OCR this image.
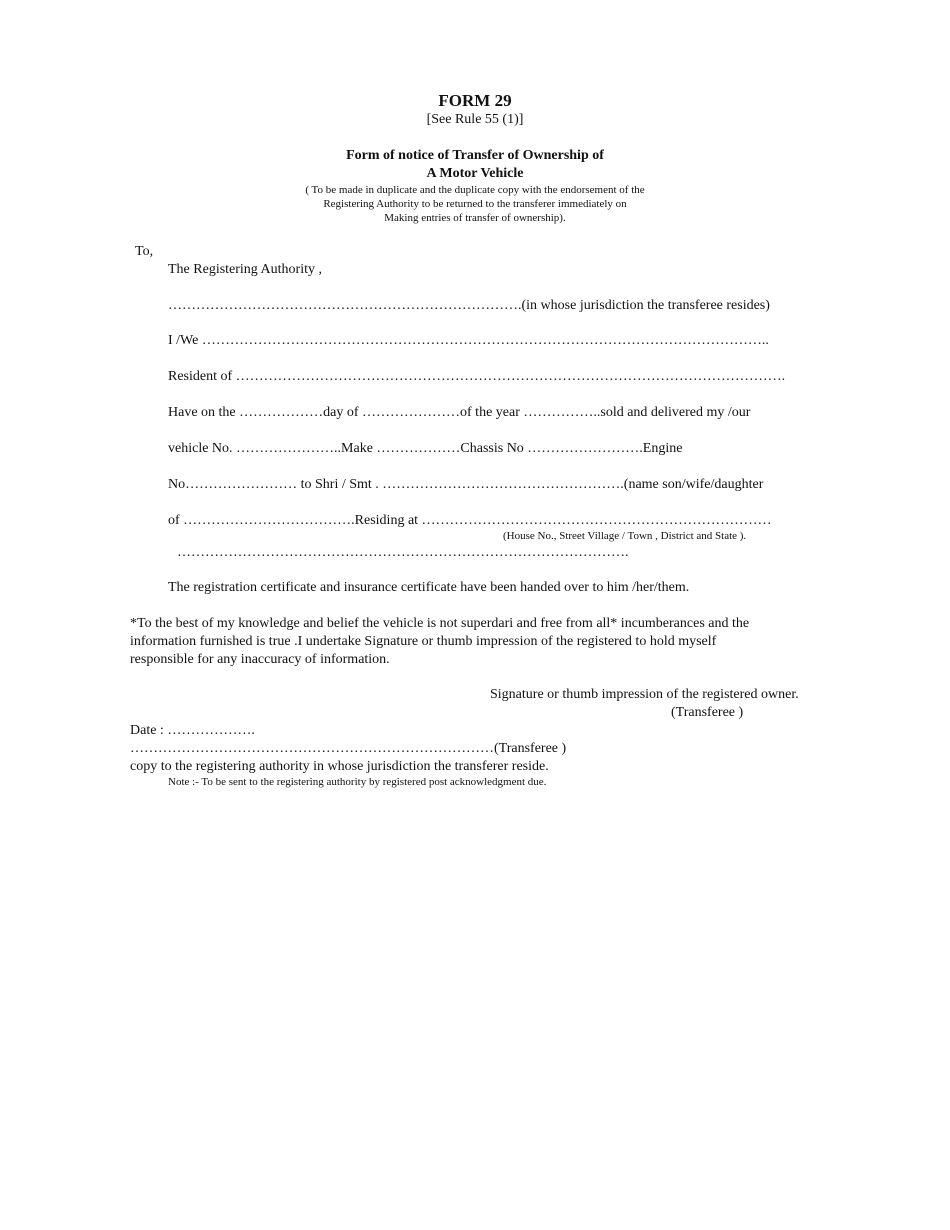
FORM 29
[See Rule 55 (1)]
Form of notice of Transfer of Ownership of
A Motor Vehicle
( To be made in duplicate and the duplicate copy with the endorsement of the
Registering Authority to be returned to the transferer immediately on
Making entries of transfer of ownership).
To,
The Registering Authority ,
………………………………………………………………….(in whose jurisdiction the transferee resides)
I /We …………………………………………………………………………………………………………..
Resident of ……………………………………………………………………………………………………….
Have on the ………………day of …………………of the year ……………..sold and delivered my /our
vehicle No. …………………..Make ………………Chassis No …………………….Engine
No…………………… to Shri / Smt . …………………………………………….(name son/wife/daughter
of ……………………………….Residing at …………………………………………………………………
(House No., Street Village / Town , District and State ).
…………………………………………………………………………………….
The registration certificate and insurance certificate have been handed over to him /her/them.
*To the best of my knowledge and belief the vehicle is not superdari and free from all* incumberances and the
information furnished is true .I undertake Signature or thumb impression of the registered to hold myself
responsible for any inaccuracy of information.
Signature or thumb impression of the registered owner.
(Transferee )
Date : ……………….
……………………………………………………………………(Transferee )
copy to the registering authority in whose jurisdiction the transferer reside.
Note :- To be sent to the registering authority by registered post acknowledgment due.
